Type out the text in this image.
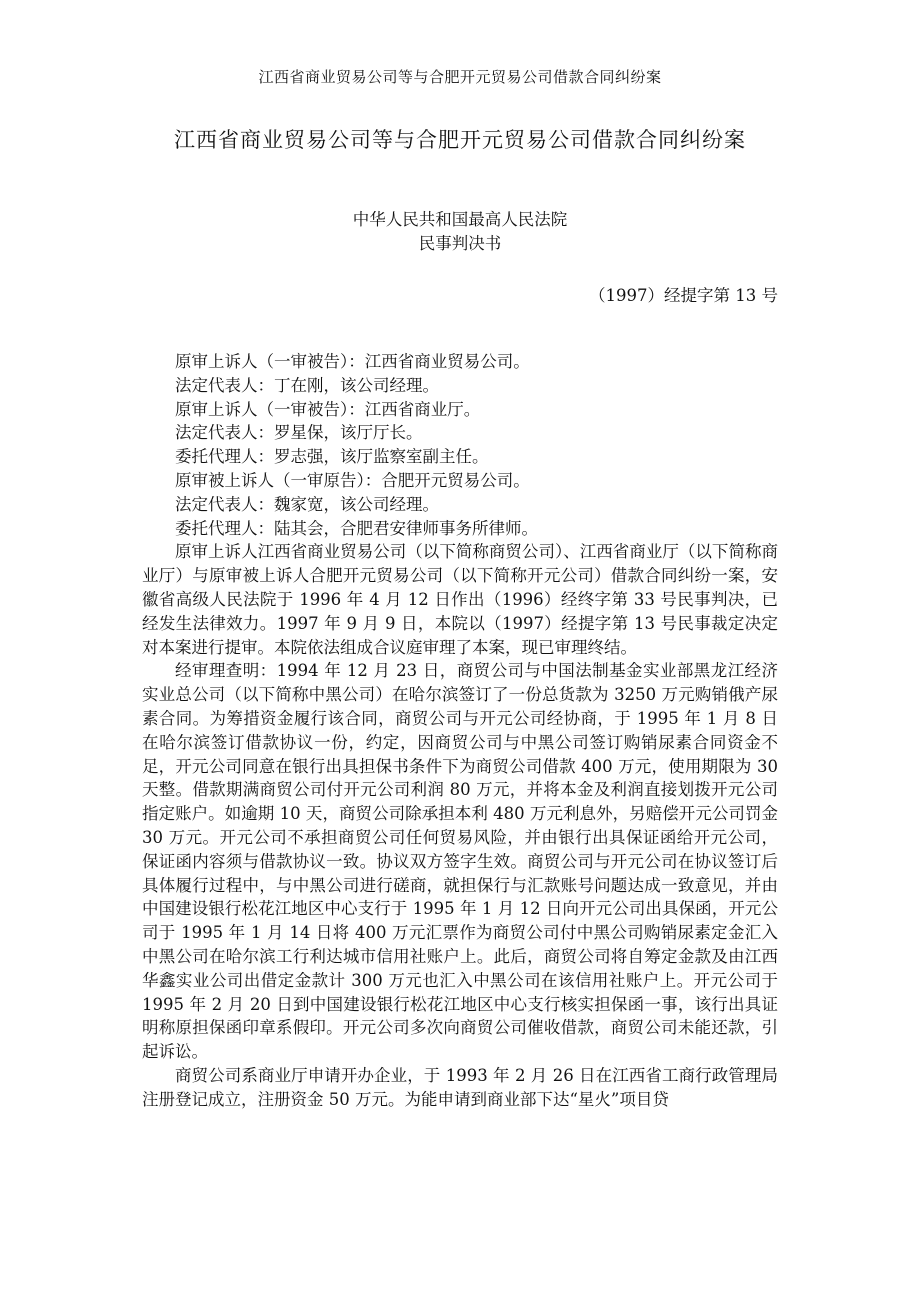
江西省商业贸易公司等与合肥开元贸易公司借款合同纠纷案
江西省商业贸易公司等与合肥开元贸易公司借款合同纠纷案
中华人民共和国最高人民法院
民事判决书
（1997）经提字第 13 号

原审上诉人（一审被告）：江西省商业贸易公司。

法定代表人：丁在刚，该公司经理。

原审上诉人（一审被告）：江西省商业厅。

法定代表人：罗星保，该厅厅长。

委托代理人：罗志强，该厅监察室副主任。

原审被上诉人（一审原告）：合肥开元贸易公司。

法定代表人：魏家宽，该公司经理。

委托代理人：陆其会，合肥君安律师事务所律师。

原审上诉人江西省商业贸易公司（以下简称商贸公司）、江西省商业厅（以下简称商业厅）与原审被上诉人合肥开元贸易公司（以下简称开元公司）借款合同纠纷一案，安徽省高级人民法院于 1996 年 4 月 12 日作出（1996）经终字第 33 号民事判决，已经发生法律效力。1997 年 9 月 9 日，本院以（1997）经提字第 13 号民事裁定决定对本案进行提审。本院依法组成合议庭审理了本案，现已审理终结。

经审理查明：1994 年 12 月 23 日，商贸公司与中国法制基金实业部黑龙江经济实业总公司（以下简称中黑公司）在哈尔滨签订了一份总货款为 3250 万元购销俄产尿素合同。为筹措资金履行该合同，商贸公司与开元公司经协商，于 1995 年 1 月 8 日在哈尔滨签订借款协议一份，约定，因商贸公司与中黑公司签订购销尿素合同资金不足，开元公司同意在银行出具担保书条件下为商贸公司借款 400 万元，使用期限为 30 天整。借款期满商贸公司付开元公司利润 80 万元，并将本金及利润直接划拨开元公司指定账户。如逾期 10 天，商贸公司除承担本利 480 万元利息外，另赔偿开元公司罚金 30 万元。开元公司不承担商贸公司任何贸易风险，并由银行出具保证函给开元公司，保证函内容须与借款协议一致。协议双方签字生效。商贸公司与开元公司在协议签订后具体履行过程中，与中黑公司进行磋商，就担保行与汇款账号问题达成一致意见，并由中国建设银行松花江地区中心支行于 1995 年 1 月 12 日向开元公司出具保函，开元公司于 1995 年 1 月 14 日将 400 万元汇票作为商贸公司付中黑公司购销尿素定金汇入中黑公司在哈尔滨工行利达城市信用社账户上。此后，商贸公司将自筹定金款及由江西华鑫实业公司出借定金款计 300 万元也汇入中黑公司在该信用社账户上。开元公司于 1995 年 2 月 20 日到中国建设银行松花江地区中心支行核实担保函一事，该行出具证明称原担保函印章系假印。开元公司多次向商贸公司催收借款，商贸公司未能还款，引起诉讼。

商贸公司系商业厅申请开办企业，于 1993 年 2 月 26 日在江西省工商行政管理局注册登记成立，注册资金 50 万元。为能申请到商业部下达“星火”项目贷
